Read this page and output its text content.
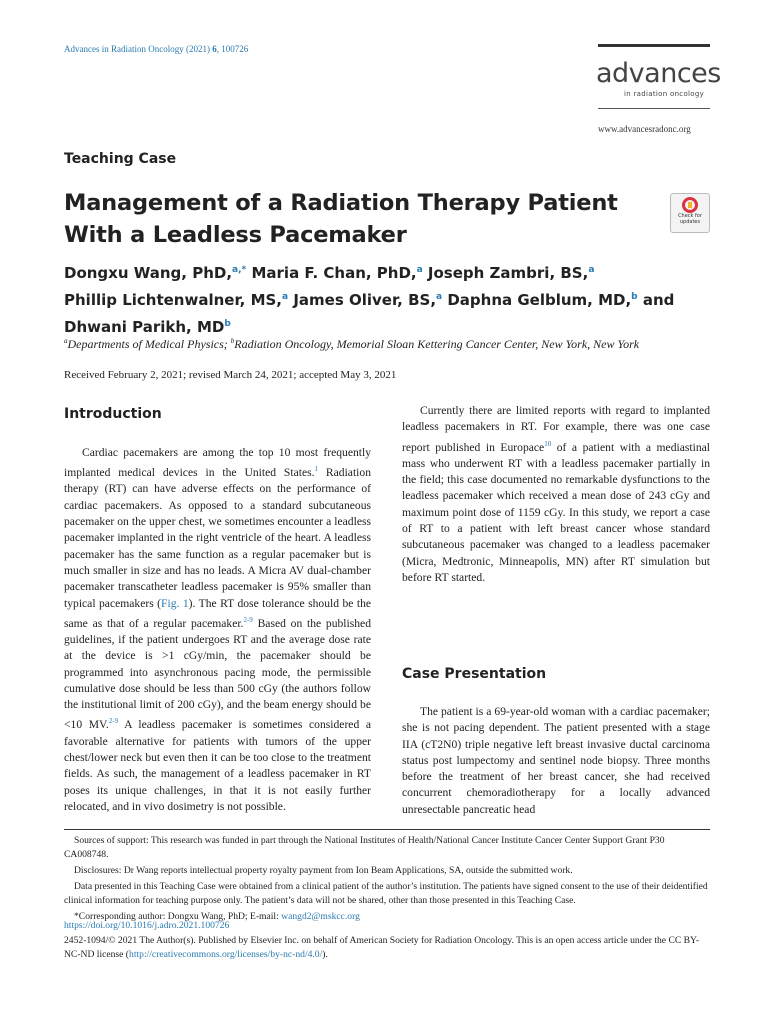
Advances in Radiation Oncology (2021) 6, 100726
advances
in radiation oncology
www.advancesradonc.org
Teaching Case
Management of a Radiation Therapy Patient With a Leadless Pacemaker
Check for updates
Dongxu Wang, PhD,$^{a,*}$ Maria F. Chan, PhD,$^a$ Joseph Zambri, BS,$^a$
Phillip Lichtenwalner, MS,$^a$ James Oliver, BS,$^a$ Daphna Gelblum, MD,$^b$ and
Dhwani Parikh, $MD^b$
$^a$Departments of Medical Physics; $^b$Radiation Oncology, Memorial Sloan Kettering Cancer Center, New York, New York
Received February 2, 2021; revised March 24, 2021; accepted May 3, 2021
Introduction

Cardiac pacemakers are among the top 10 most frequently implanted medical devices in the United States.$^1$ Radiation therapy (RT) can have adverse effects on the performance of cardiac pacemakers. As opposed to a standard subcutaneous pacemaker on the upper chest, we sometimes encounter a leadless pacemaker implanted in the right ventricle of the heart. A leadless pacemaker has the same function as a regular pacemaker but is much smaller in size and has no leads. A Micra AV dual-chamber pacemaker transcatheter leadless pacemaker is 95% smaller than typical pacemakers (Fig. 1). The RT dose tolerance should be the same as that of a regular pacemaker.$^{2-9}$ Based on the published guidelines, if the patient undergoes RT and the average dose rate at the device is >1 cGy/min, the pacemaker should be programmed into asynchronous pacing mode, the permissible cumulative dose should be less than 500 cGy (the authors follow the institutional limit of 200 cGy), and the beam energy should be <10 MV.$^{2-9}$ A leadless pacemaker is sometimes considered a favorable alternative for patients with tumors of the upper chest/lower neck but even then it can be too close to the treatment fields. As such, the management of a leadless pacemaker in RT poses its unique challenges, in that it is not easily further relocated, and in vivo dosimetry is not possible.

Currently there are limited reports with regard to implanted leadless pacemakers in RT. For example, there was one case report published in Europace$^{10}$ of a patient with a mediastinal mass who underwent RT with a leadless pacemaker partially in the field; this case documented no remarkable dysfunctions to the leadless pacemaker which received a mean dose of 243 cGy and maximum point dose of 1159 cGy. In this study, we report a case of RT to a patient with left breast cancer whose standard subcutaneous pacemaker was changed to a leadless pacemaker (Micra, Medtronic, Minneapolis, MN) after RT simulation but before RT started.

Case Presentation

The patient is a 69-year-old woman with a cardiac pacemaker; she is not pacing dependent. The patient presented with a stage IIA (cT2N0) triple negative left breast invasive ductal carcinoma status post lumpectomy and sentinel node biopsy. Three months before the treatment of her breast cancer, she had received concurrent chemoradiotherapy for a locally advanced unresectable pancreatic head

Sources of support: This research was funded in part through the National Institutes of Health/National Cancer Institute Cancer Center Support Grant P30 CA008748.

Disclosures: Dr Wang reports intellectual property royalty payment from Ion Beam Applications, SA, outside the submitted work.

Data presented in this Teaching Case were obtained from a clinical patient of the author’s institution. The patients have signed consent to the use of their deidentified clinical information for teaching purpose only. The patient’s data will not be shared, other than those presented in this Teaching Case.

*Corresponding author: Dongxu Wang, PhD; E-mail: wangd2@mskcc.org

https://doi.org/10.1016/j.adro.2021.100726
2452-1094/© 2021 The Author(s). Published by Elsevier Inc. on behalf of American Society for Radiation Oncology. This is an open access article under the CC BY-NC-ND license (http://creativecommons.org/licenses/by-nc-nd/4.0/).
